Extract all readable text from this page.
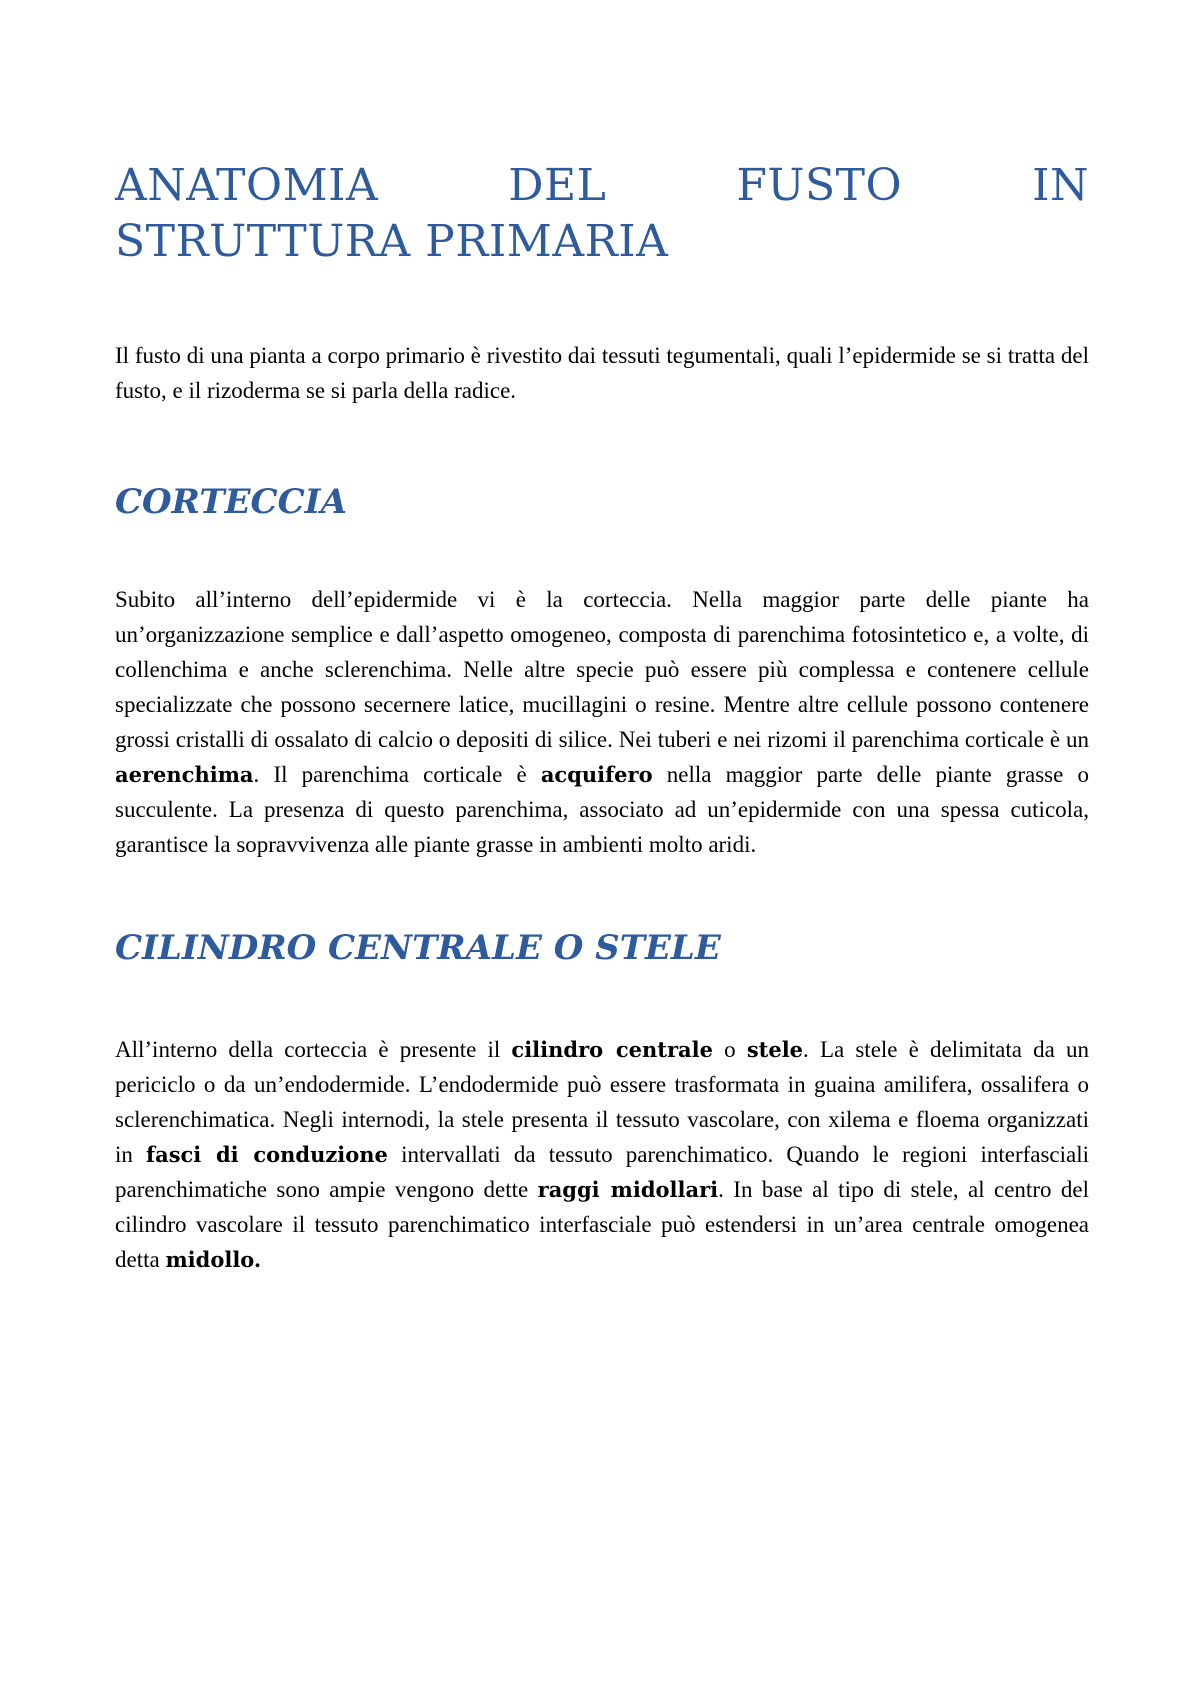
ANATOMIA	DEL	FUSTO	IN
STRUTTURA PRIMARIA

Il fusto di una pianta a corpo primario è rivestito dai tessuti tegumentali, quali l’epidermide se si tratta del fusto, e il rizoderma se si parla della radice.

CORTECCIA

Subito all’interno dell’epidermide vi è la corteccia. Nella maggior parte delle piante ha un’organizzazione semplice e dall’aspetto omogeneo, composta di parenchima fotosintetico e, a volte, di collenchima e anche sclerenchima. Nelle altre specie può essere più complessa e contenere cellule specializzate che possono secernere latice, mucillagini o resine. Mentre altre cellule possono contenere grossi cristalli di ossalato di calcio o depositi di silice. Nei tuberi e nei rizomi il parenchima corticale è un aerenchima. Il parenchima corticale è acquifero nella maggior parte delle piante grasse o succulente. La presenza di questo parenchima, associato ad un’epidermide con una spessa cuticola, garantisce la sopravvivenza alle piante grasse in ambienti molto aridi.

CILINDRO CENTRALE O STELE

All’interno della corteccia è presente il cilindro centrale o stele. La stele è delimitata da un periciclo o da un’endodermide. L’endodermide può essere trasformata in guaina amilifera, ossalifera o sclerenchimatica. Negli internodi, la stele presenta il tessuto vascolare, con xilema e floema organizzati in fasci di conduzione intervallati da tessuto parenchimatico. Quando le regioni interfasciali parenchimatiche sono ampie vengono dette raggi midollari. In base al tipo di stele, al centro del cilindro vascolare il tessuto parenchimatico interfasciale può estendersi in un’area centrale omogenea detta midollo.
